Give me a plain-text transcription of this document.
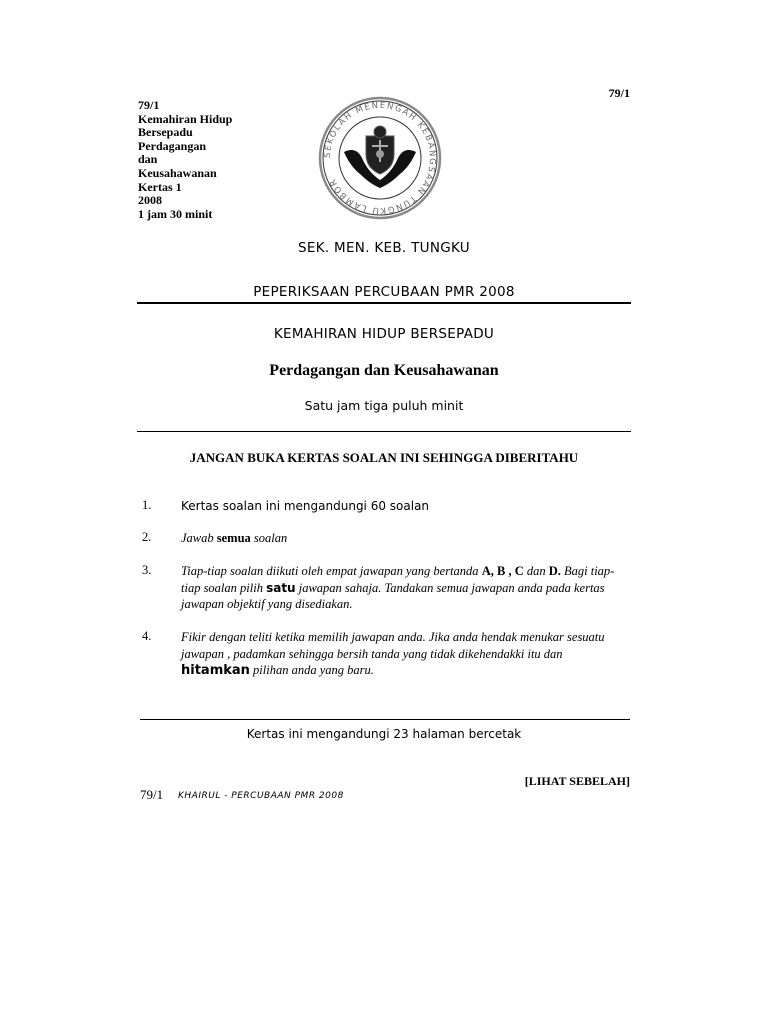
79/1
79/1
Kemahiran Hidup
Bersepadu
Perdagangan
dan
Keusahawanan
Kertas 1
2008
1 jam 30 minit
SEKOLAH MENENGAH KEBANGSAAN TUNGKU LAMBOR
SEK. MEN. KEB. TUNGKU
PEPERIKSAAN PERCUBAAN PMR 2008
KEMAHIRAN HIDUP BERSEPADU
Perdagangan dan Keusahawanan
Satu jam tiga puluh minit
JANGAN BUKA KERTAS SOALAN INI SEHINGGA DIBERITAHU
1. Kertas soalan ini mengandungi 60 soalan
2. Jawab semua soalan
3. Tiap-tiap soalan diikuti oleh empat jawapan yang bertanda A, B , C dan D. Bagi tiap-tiap soalan pilih satu jawapan sahaja. Tandakan semua jawapan anda pada kertas jawapan objektif yang disediakan.
4. Fikir dengan teliti ketika memilih jawapan anda. Jika anda hendak menukar sesuatu jawapan , padamkan sehingga bersih tanda yang tidak dikehendakki itu dan hitamkan pilihan anda yang baru.
Kertas ini mengandungi 23 halaman bercetak
[LIHAT SEBELAH]
79/1 KHAIRUL - PERCUBAAN PMR 2008
